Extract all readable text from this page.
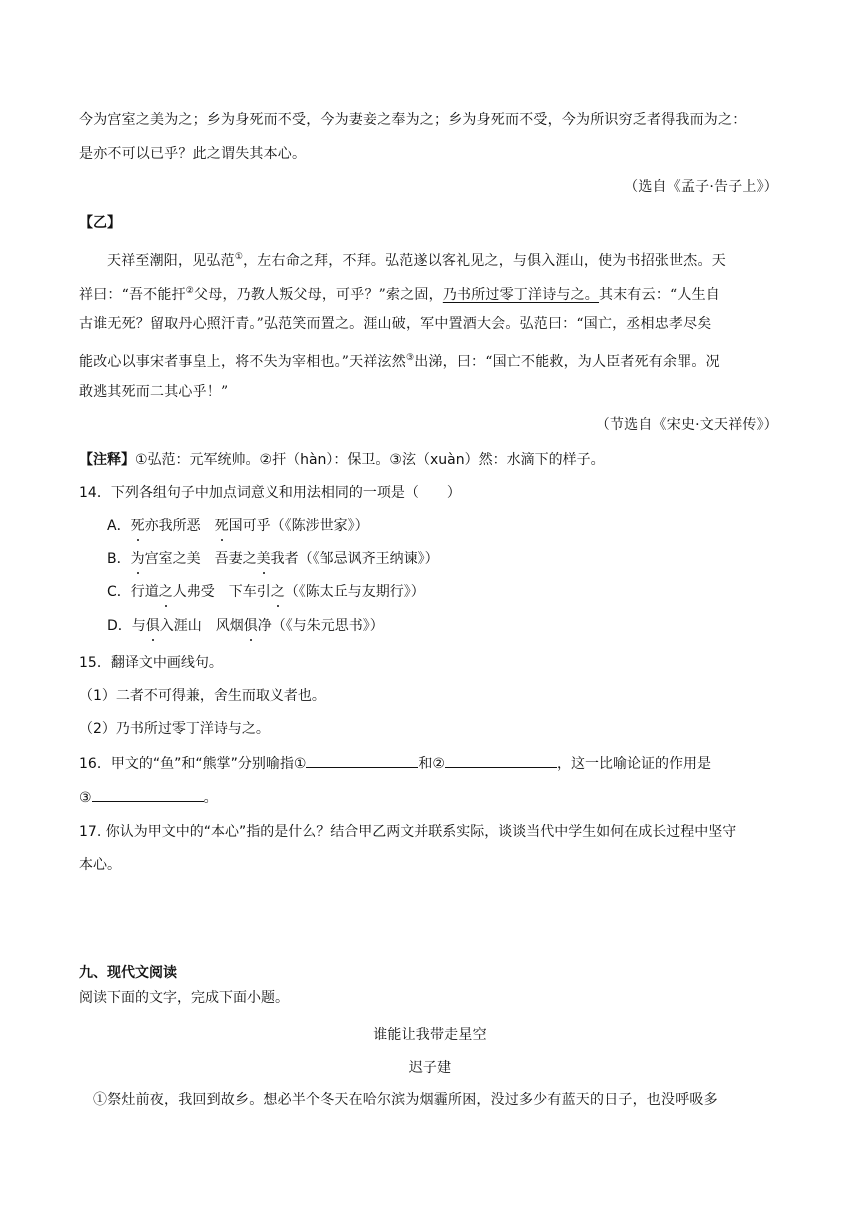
今为宫室之美为之；乡为身死而不受，今为妻妾之奉为之；乡为身死而不受，今为所识穷乏者得我而为之：
是亦不可以已乎？此之谓失其本心。
（选自《孟子·告子上》）
【乙】
天祥至潮阳，见弘范①，左右命之拜，不拜。弘范遂以客礼见之，与俱入涯山，使为书招张世杰。天
祥曰：“吾不能扞②父母，乃教人叛父母，可乎？”索之固，乃书所过零丁洋诗与之。其末有云：“人生自
古谁无死？留取丹心照汗青。”弘范笑而置之。涯山破，军中置酒大会。弘范曰：“国亡，丞相忠孝尽矣
能改心以事宋者事皇上，将不失为宰相也。”天祥泫然③出涕，曰：“国亡不能救，为人臣者死有余罪。况
敢逃其死而二其心乎！”
（节选自《宋史·文天祥传》）
【注释】①弘范：元军统帅。②扞（hàn）：保卫。③泫（xuàn）然：水滴下的样子。
14．下列各组句子中加点词意义和用法相同的一项是（　　）
A．死亦我所恶　死国可乎（《陈涉世家》）
B．为宫室之美　吾妻之美我者（《邹忌讽齐王纳谏》）
C．行道之人弗受　下车引之（《陈太丘与友期行》）
D．与俱入涯山　风烟俱净（《与朱元思书》）
15．翻译文中画线句。
（1）二者不可得兼，舍生而取义者也。
（2）乃书所过零丁洋诗与之。
16．甲文的“鱼”和“熊掌”分别喻指①	和②	，这一比喻论证的作用是
③	。
17. 你认为甲文中的“本心”指的是什么？结合甲乙两文并联系实际，谈谈当代中学生如何在成长过程中坚守
本心。
九、现代文阅读
阅读下面的文字，完成下面小题。
谁能让我带走星空
迟子建
①祭灶前夜，我回到故乡。想必半个冬天在哈尔滨为烟霾所困，没过多少有蓝天的日子，也没呼吸多
